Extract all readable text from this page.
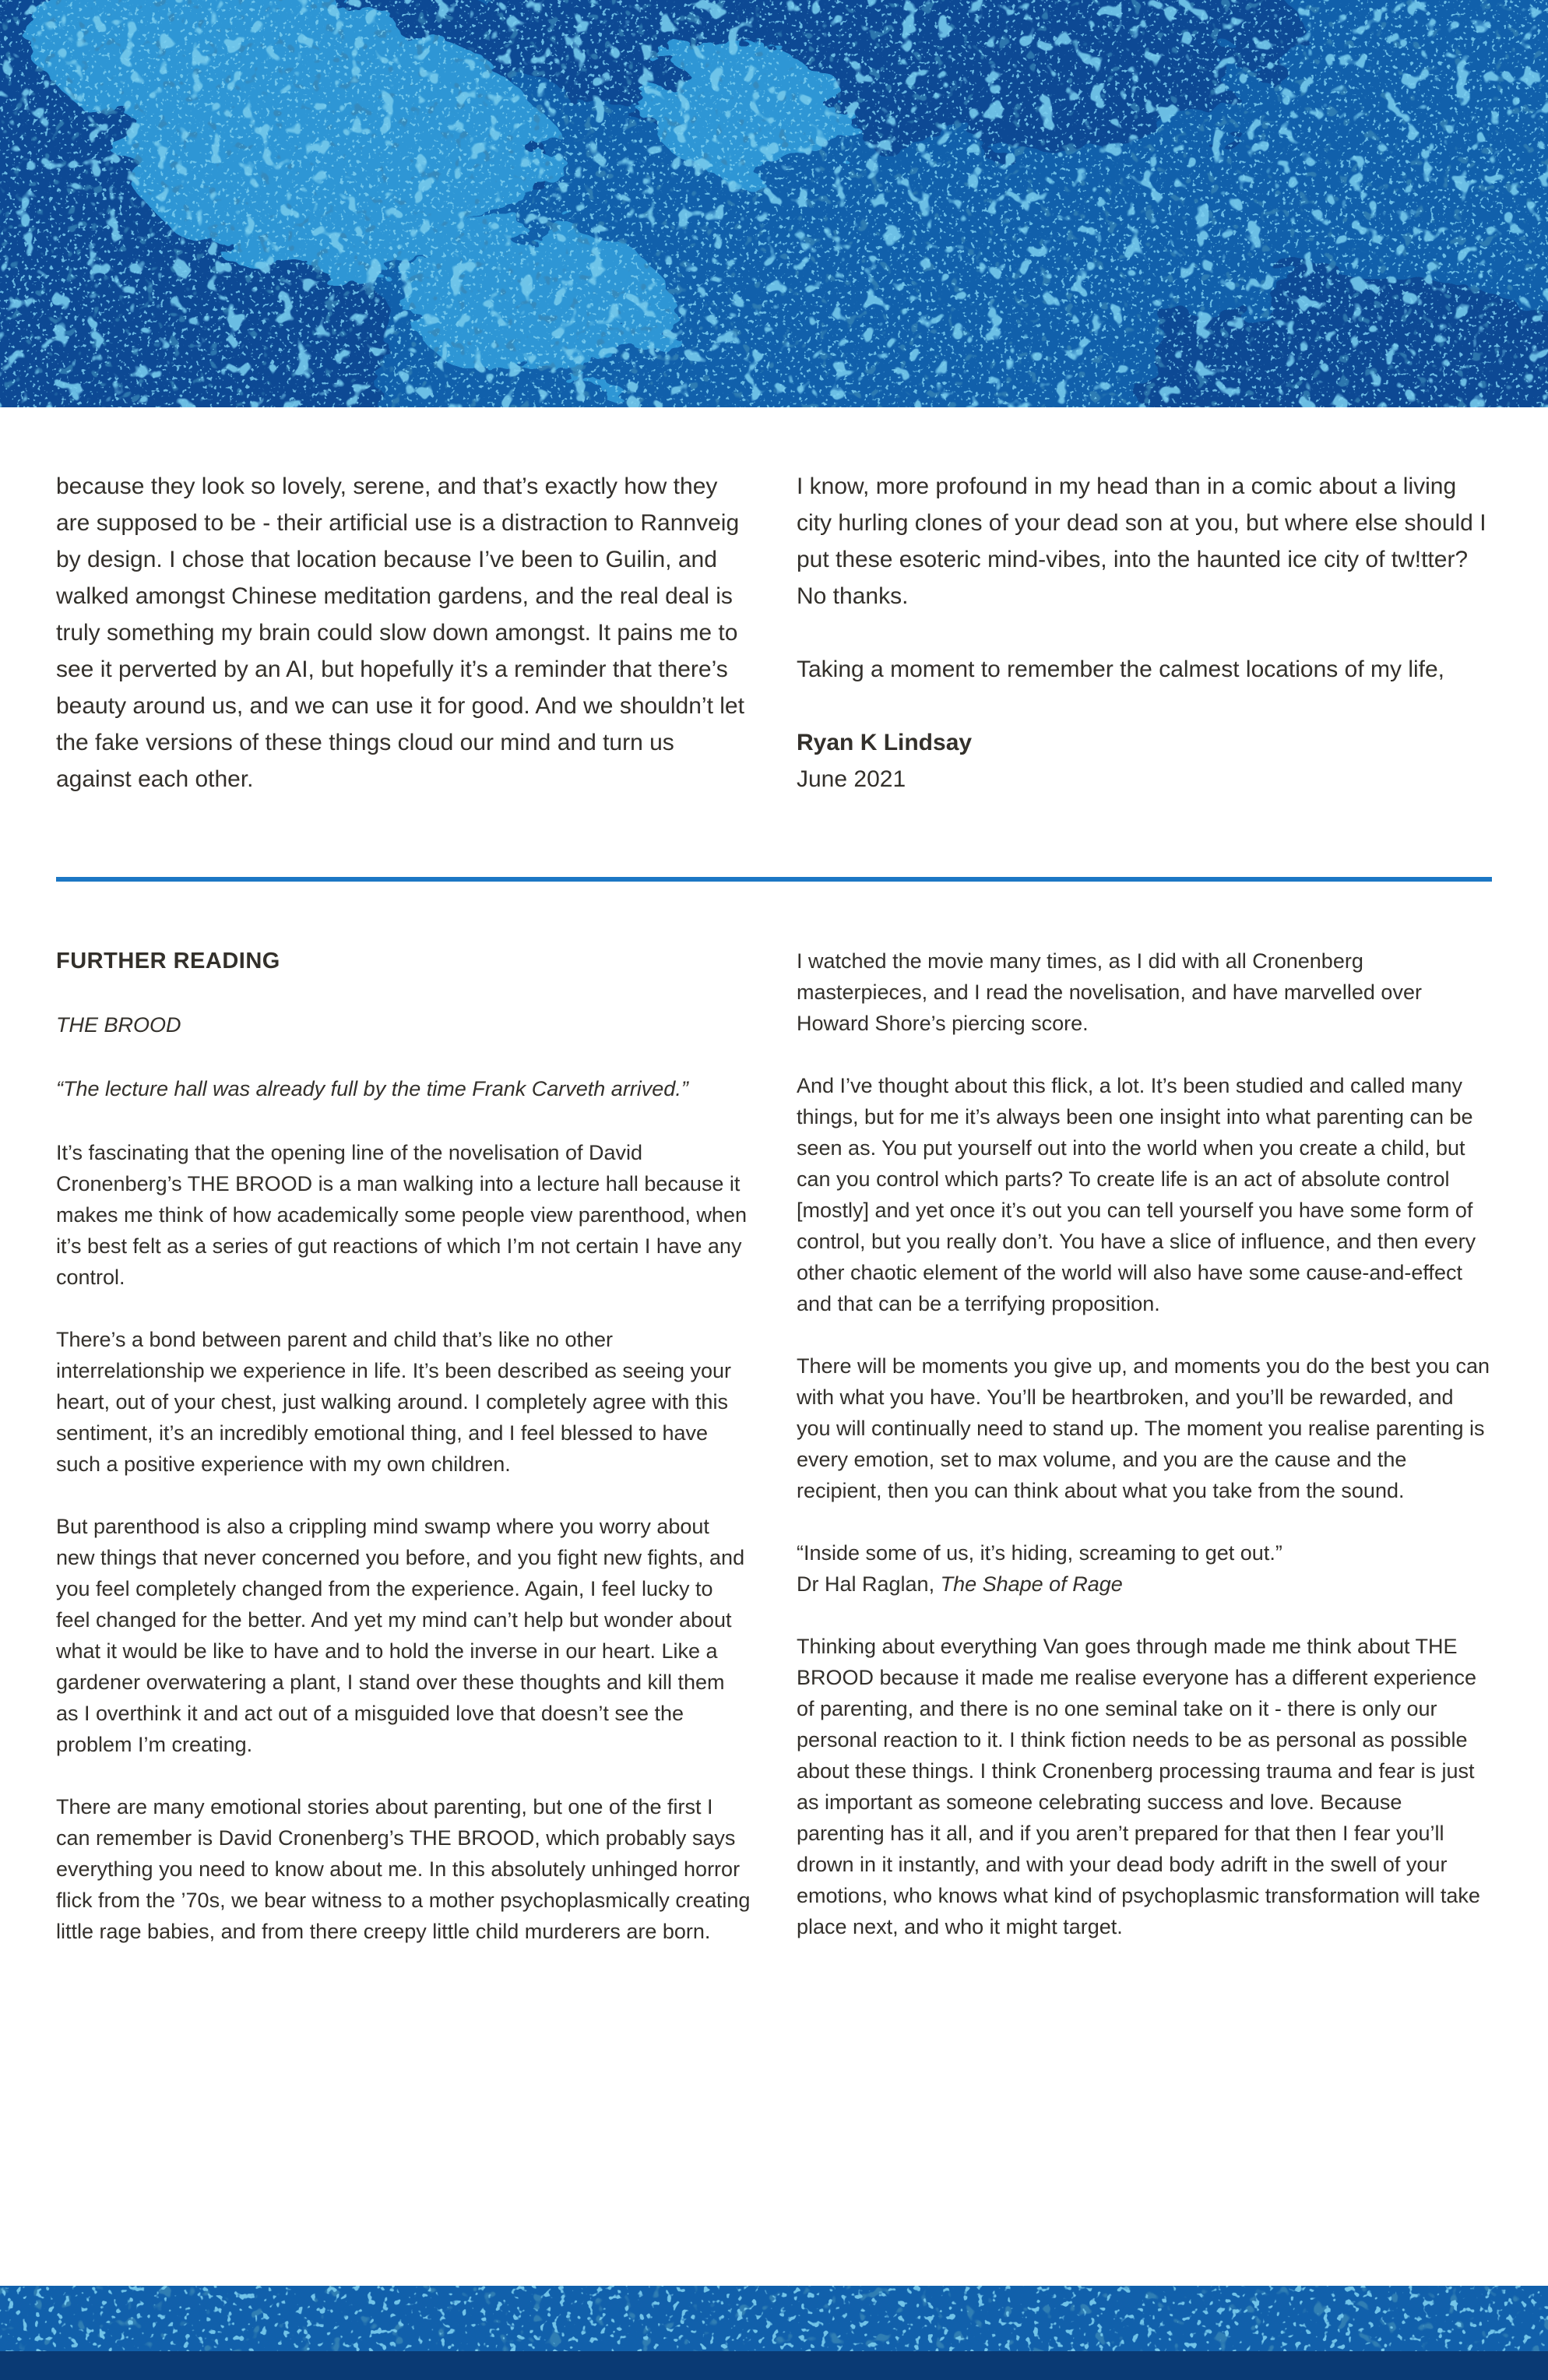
because they look so lovely, serene, and that’s exactly how they are supposed to be - their artificial use is a distraction to Rannveig by design. I chose that location because I’ve been to Guilin, and walked amongst Chinese meditation gardens, and the real deal is truly something my brain could slow down amongst. It pains me to see it perverted by an AI, but hopefully it’s a reminder that there’s beauty around us, and we can use it for good. And we shouldn’t let the fake versions of these things cloud our mind and turn us against each other.

I know, more profound in my head than in a comic about a living city hurling clones of your dead son at you, but where else should I put these esoteric mind-vibes, into the haunted ice city of tw!tter? No thanks.

Taking a moment to remember the calmest locations of my life,

Ryan K Lindsay
June 2021

FURTHER READING

THE BROOD

“The lecture hall was already full by the time Frank Carveth arrived.”

It’s fascinating that the opening line of the novelisation of David Cronenberg’s THE BROOD is a man walking into a lecture hall because it makes me think of how academically some people view parenthood, when it’s best felt as a series of gut reactions of which I’m not certain I have any control.

There’s a bond between parent and child that’s like no other interrelationship we experience in life. It’s been described as seeing your heart, out of your chest, just walking around. I completely agree with this sentiment, it’s an incredibly emotional thing, and I feel blessed to have such a positive experience with my own children.

But parenthood is also a crippling mind swamp where you worry about new things that never concerned you before, and you fight new fights, and you feel completely changed from the experience. Again, I feel lucky to feel changed for the better. And yet my mind can’t help but wonder about what it would be like to have and to hold the inverse in our heart. Like a gardener overwatering a plant, I stand over these thoughts and kill them as I overthink it and act out of a misguided love that doesn’t see the problem I’m creating.

There are many emotional stories about parenting, but one of the first I can remember is David Cronenberg’s THE BROOD, which probably says everything you need to know about me. In this absolutely unhinged horror flick from the ’70s, we bear witness to a mother psychoplasmically creating little rage babies, and from there creepy little child murderers are born.

I watched the movie many times, as I did with all Cronenberg masterpieces, and I read the novelisation, and have marvelled over Howard Shore’s piercing score.

And I’ve thought about this flick, a lot. It’s been studied and called many things, but for me it’s always been one insight into what parenting can be seen as. You put yourself out into the world when you create a child, but can you control which parts? To create life is an act of absolute control [mostly] and yet once it’s out you can tell yourself you have some form of control, but you really don’t. You have a slice of influence, and then every other chaotic element of the world will also have some cause-and-effect and that can be a terrifying proposition.

There will be moments you give up, and moments you do the best you can with what you have. You’ll be heartbroken, and you’ll be rewarded, and you will continually need to stand up. The moment you realise parenting is every emotion, set to max volume, and you are the cause and the recipient, then you can think about what you take from the sound.

“Inside some of us, it’s hiding, screaming to get out.”
Dr Hal Raglan, The Shape of Rage

Thinking about everything Van goes through made me think about THE BROOD because it made me realise everyone has a different experience of parenting, and there is no one seminal take on it - there is only our personal reaction to it. I think fiction needs to be as personal as possible about these things. I think Cronenberg processing trauma and fear is just as important as someone celebrating success and love. Because parenting has it all, and if you aren’t prepared for that then I fear you’ll drown in it instantly, and with your dead body adrift in the swell of your emotions, who knows what kind of psychoplasmic transformation will take place next, and who it might target.
